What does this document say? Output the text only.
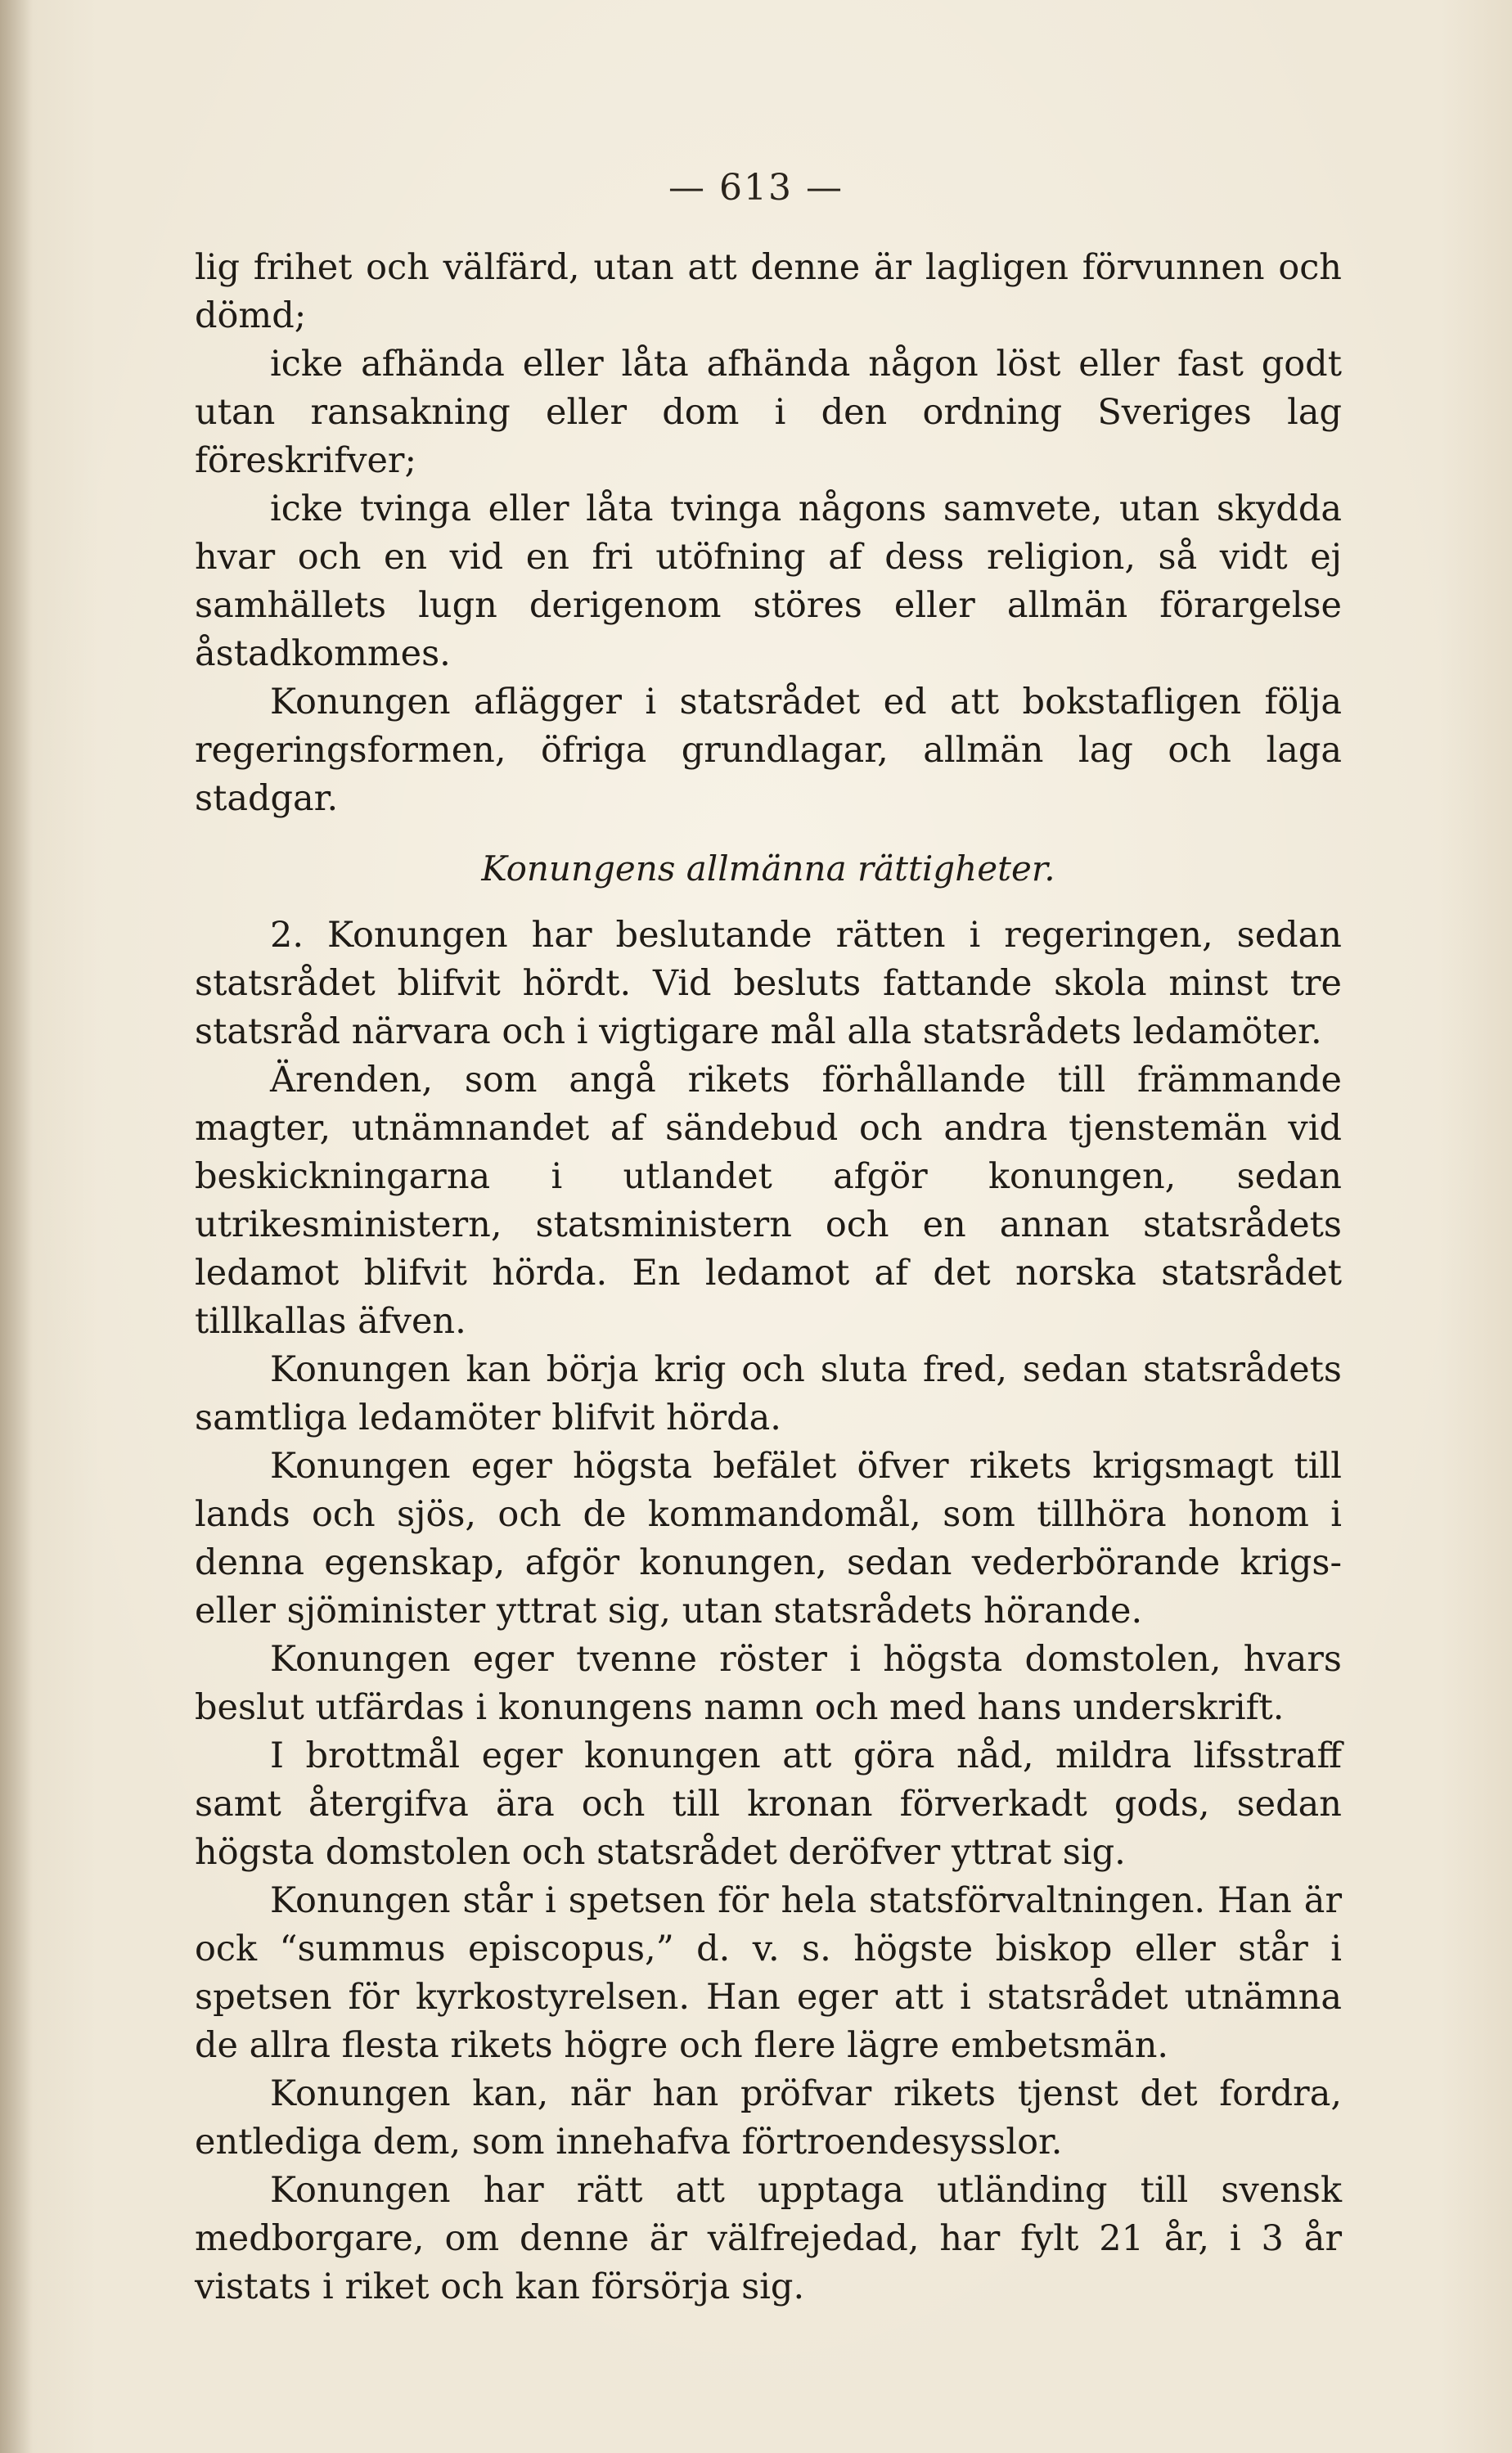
— 613 —

lig frihet och välfärd, utan att denne är lagligen förvunnen och dömd;

icke afhända eller låta afhända någon löst eller fast godt utan ransakning eller dom i den ordning Sveriges lag föreskrifver;

icke tvinga eller låta tvinga någons samvete, utan skydda hvar och en vid en fri utöfning af dess religion, så vidt ej samhällets lugn derigenom störes eller allmän förargelse åstadkommes.

Konungen aflägger i statsrådet ed att bokstafligen följa regeringsformen, öfriga grundlagar, allmän lag och laga stadgar.

Konungens allmänna rättigheter.

2. Konungen har beslutande rätten i regeringen, sedan statsrådet blifvit hördt. Vid besluts fattande skola minst tre statsråd närvara och i vigtigare mål alla statsrådets ledamöter.

Ärenden, som angå rikets förhållande till främmande magter, utnämnandet af sändebud och andra tjenstemän vid beskickningarna i utlandet afgör konungen, sedan utrikesministern, statsministern och en annan statsrådets ledamot blifvit hörda. En ledamot af det norska statsrådet tillkallas äfven.

Konungen kan börja krig och sluta fred, sedan statsrådets samtliga ledamöter blifvit hörda.

Konungen eger högsta befälet öfver rikets krigsmagt till lands och sjös, och de kommandomål, som tillhöra honom i denna egenskap, afgör konungen, sedan vederbörande krigs- eller sjöminister yttrat sig, utan statsrådets hörande.

Konungen eger tvenne röster i högsta domstolen, hvars beslut utfärdas i konungens namn och med hans underskrift.

I brottmål eger konungen att göra nåd, mildra lifsstraff samt återgifva ära och till kronan förverkadt gods, sedan högsta domstolen och statsrådet deröfver yttrat sig.

Konungen står i spetsen för hela statsförvaltningen. Han är ock “summus episcopus,” d. v. s. högste biskop eller står i spetsen för kyrkostyrelsen. Han eger att i statsrådet utnämna de allra flesta rikets högre och flere lägre embetsmän.

Konungen kan, när han pröfvar rikets tjenst det fordra, entlediga dem, som innehafva förtroendesysslor.

Konungen har rätt att upptaga utländing till svensk medborgare, om denne är välfrejedad, har fylt 21 år, i 3 år vistats i riket och kan försörja sig.
